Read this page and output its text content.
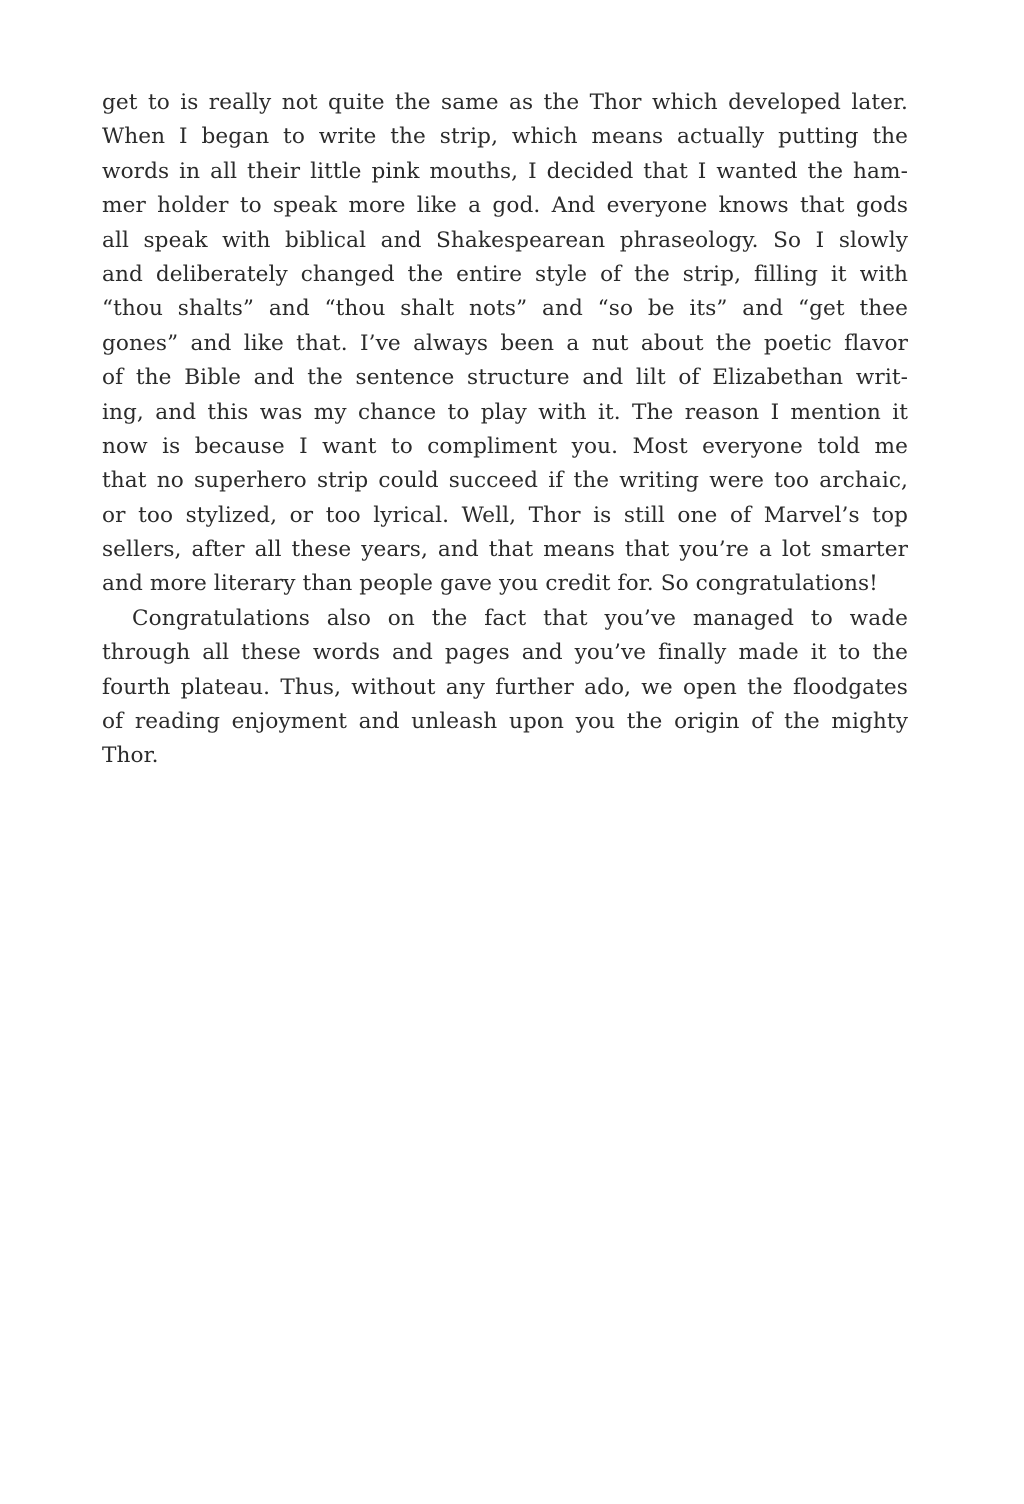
get to is really not quite the same as the Thor which developed later.
When I began to write the strip, which means actually putting the
words in all their little pink mouths, I decided that I wanted the ham-
mer holder to speak more like a god. And everyone knows that gods
all speak with biblical and Shakespearean phraseology. So I slowly
and deliberately changed the entire style of the strip, filling it with
“thou shalts” and “thou shalt nots” and “so be its” and “get thee
gones” and like that. I’ve always been a nut about the poetic flavor
of the Bible and the sentence structure and lilt of Elizabethan writ-
ing, and this was my chance to play with it. The reason I mention it
now is because I want to compliment you. Most everyone told me
that no superhero strip could succeed if the writing were too archaic,
or too stylized, or too lyrical. Well, Thor is still one of Marvel’s top
sellers, after all these years, and that means that you’re a lot smarter
and more literary than people gave you credit for. So congratulations!
Congratulations also on the fact that you’ve managed to wade
through all these words and pages and you’ve finally made it to the
fourth plateau. Thus, without any further ado, we open the floodgates
of reading enjoyment and unleash upon you the origin of the mighty
Thor.
